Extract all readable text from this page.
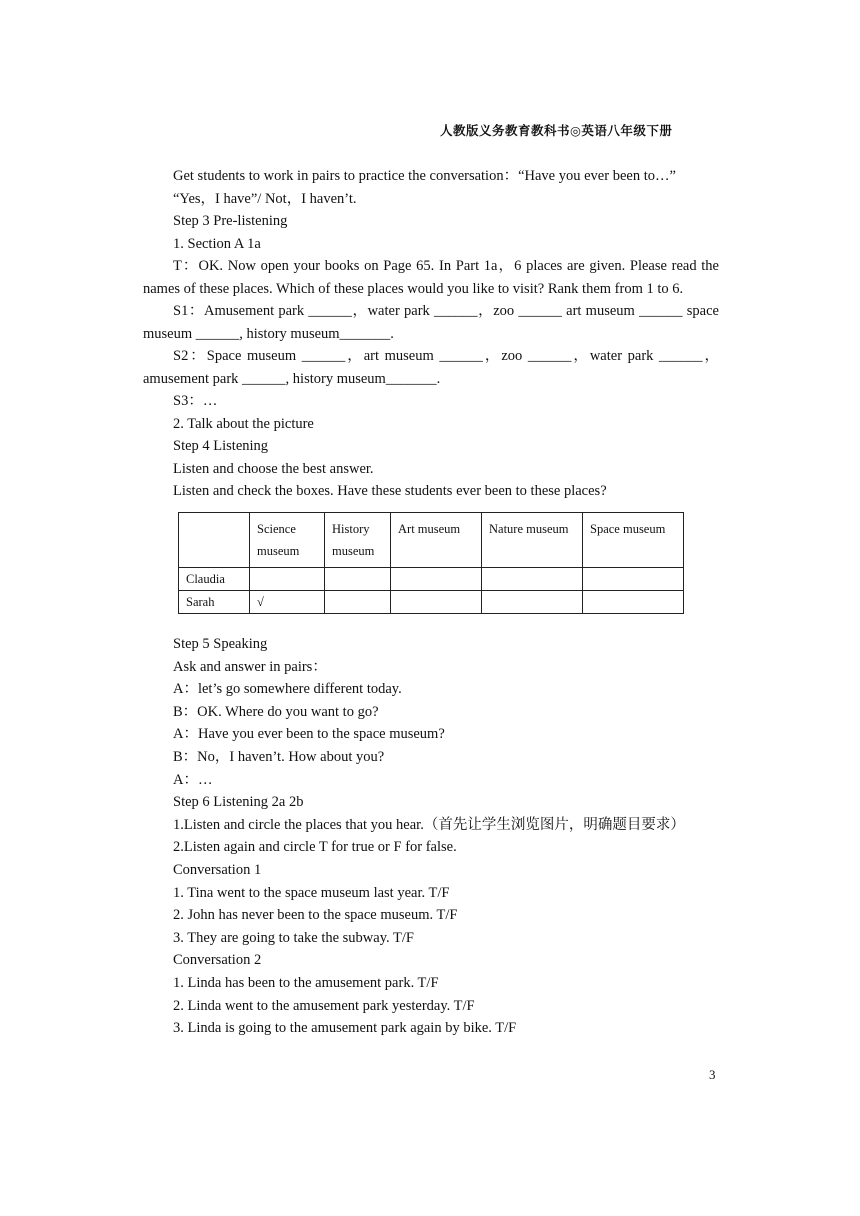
人教版义务教育教科书◎英语八年级下册

Get students to work in pairs to practice the conversation：“Have you ever been to…”

“Yes，I have”/ Not，I haven’t.

Step 3 Pre-listening

1. Section A 1a

T：OK. Now open your books on Page 65. In Part 1a，6 places are given. Please read the names of these places. Which of these places would you like to visit? Rank them from 1 to 6.

S1：Amusement park ______，water park ______，zoo ______ art museum ______ space museum ______, history museum_______.

S2：Space museum ______，art museum ______，zoo ______，water park ______，amusement park ______, history museum_______.

S3：…

2. Talk about the picture

Step 4 Listening

Listen and choose the best answer.

Listen and check the boxes. Have these students ever been to these places?

	Science museum	History museum	Art museum	Nature museum	Space museum
Claudia					
Sarah	√				

Step 5 Speaking

Ask and answer in pairs：

A：let’s go somewhere different today.

B：OK. Where do you want to go?

A：Have you ever been to the space museum?

B：No，I haven’t. How about you?

A：…

Step 6 Listening 2a 2b

1.Listen and circle the places that you hear.（首先让学生浏览图片，明确题目要求）

2.Listen again and circle T for true or F for false.

Conversation 1

1. Tina went to the space museum last year. T/F

2. John has never been to the space museum. T/F

3. They are going to take the subway. T/F

Conversation 2

1. Linda has been to the amusement park. T/F

2. Linda went to the amusement park yesterday. T/F

3. Linda is going to the amusement park again by bike. T/F

3
